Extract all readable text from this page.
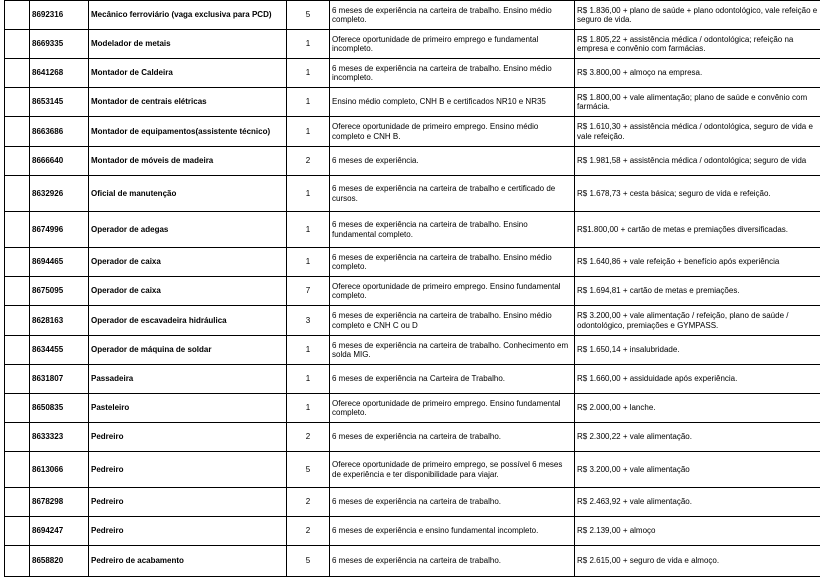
	8692316	Mecânico ferroviário (vaga exclusiva para PCD)	5	6 meses de experiência na carteira de trabalho. Ensino médio completo.	R$ 1.836,00 + plano de saúde + plano odontológico, vale refeição e seguro de vida.
	8669335	Modelador de metais	1	Oferece oportunidade de primeiro emprego e fundamental incompleto.	R$ 1.805,22 + assistência médica / odontológica; refeição na empresa e convênio com farmácias.
	8641268	Montador de Caldeira	1	6 meses de experiência na carteira de trabalho. Ensino médio incompleto.	R$ 3.800,00 + almoço na empresa.
	8653145	Montador de centrais elétricas	1	Ensino médio completo, CNH B e certificados NR10 e NR35	R$ 1.800,00 + vale alimentação; plano de saúde e convênio com farmácia.
	8663686	Montador de equipamentos(assistente técnico)	1	Oferece oportunidade de primeiro emprego. Ensino médio completo e CNH B.	R$ 1.610,30 + assistência médica / odontológica, seguro de vida e vale refeição.
	8666640	Montador de móveis de madeira	2	6 meses de experiência.	R$ 1.981,58 + assistência médica / odontológica; seguro de vida
	8632926	Oficial de manutenção	1	6 meses de experiência na carteira de trabalho e certificado de cursos.	R$ 1.678,73 + cesta básica; seguro de vida e refeição.
	8674996	Operador de adegas	1	6 meses de experiência na carteira de trabalho. Ensino fundamental completo.	R$1.800,00 + cartão de metas e premiações diversificadas.
	8694465	Operador de caixa	1	6 meses de experiência na carteira de trabalho. Ensino médio completo.	R$ 1.640,86 + vale refeição + benefício após experiência
	8675095	Operador de caixa	7	Oferece oportunidade de primeiro emprego. Ensino fundamental completo.	R$ 1.694,81 + cartão de metas e premiações.
	8628163	Operador de escavadeira hidráulica	3	6 meses de experiência na carteira de trabalho. Ensino médio completo e CNH C ou D	R$ 3.200,00 + vale alimentação / refeição, plano de saúde / odontológico, premiações e GYMPASS.
	8634455	Operador de máquina de soldar	1	6 meses de experiência na carteira de trabalho. Conhecimento em solda MIG.	R$ 1.650,14 + insalubridade.
	8631807	Passadeira	1	6 meses de experiência na Carteira de Trabalho.	R$ 1.660,00 + assiduidade após experiência.
	8650835	Pasteleiro	1	Oferece oportunidade de primeiro emprego. Ensino fundamental completo.	R$ 2.000,00 + lanche.
	8633323	Pedreiro	2	6 meses de experiência na carteira de trabalho.	R$ 2.300,22 + vale alimentação.
	8613066	Pedreiro	5	Oferece oportunidade de primeiro emprego, se possível 6 meses de experiência e ter disponibilidade para viajar.	R$ 3.200,00 + vale alimentação
	8678298	Pedreiro	2	6 meses de experiência na carteira de trabalho.	R$ 2.463,92 + vale alimentação.
	8694247	Pedreiro	2	6 meses de experiência e ensino fundamental incompleto.	R$ 2.139,00 + almoço
	8658820	Pedreiro de acabamento	5	6 meses de experiência na carteira de trabalho.	R$ 2.615,00 + seguro de vida e almoço.
